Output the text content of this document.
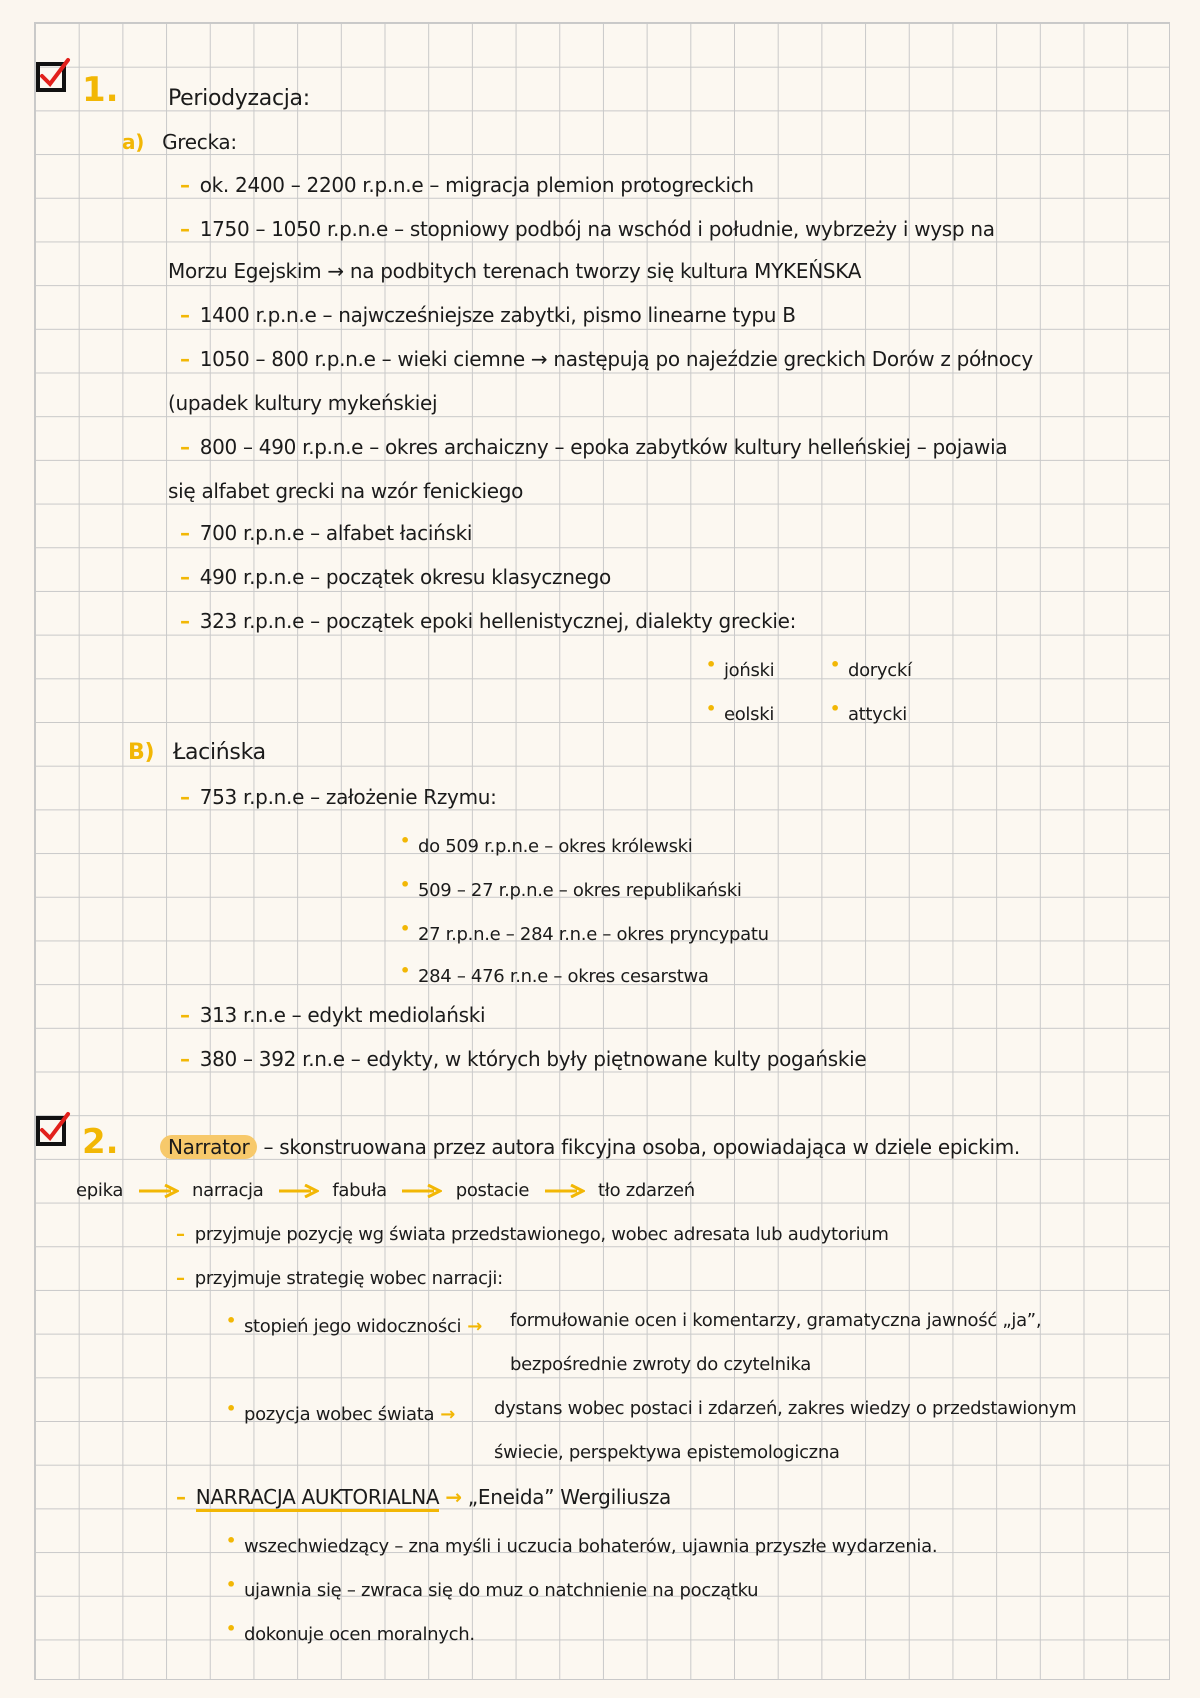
1. Periodyzacja:
a) Grecka:
– ok. 2400 – 2200 r.p.n.e – migracja plemion protogreckich
– 1750 – 1050 r.p.n.e – stopniowy podbój na wschód i południe, wybrzeży i wysp na
Morzu Egejskim → na podbitych terenach tworzy się kultura MYKEŃSKA
– 1400 r.p.n.e – najwcześniejsze zabytki, pismo linearne typu B
– 1050 – 800 r.p.n.e – wieki ciemne → następują po najeździe greckich Dorów z północy
(upadek kultury mykeńskiej
– 800 – 490 r.p.n.e – okres archaiczny – epoka zabytków kultury helleńskiej – pojawia
się alfabet grecki na wzór fenickiego
– 700 r.p.n.e – alfabet łaciński
– 490 r.p.n.e – początek okresu klasycznego
– 323 r.p.n.e – początek epoki hellenistycznej, dialekty greckie:
• joński	• doryckí
• eolski	• attycki
B) Łacińska
– 753 r.p.n.e – założenie Rzymu:
• do 509 r.p.n.e – okres królewski
• 509 – 27 r.p.n.e – okres republikański
• 27 r.p.n.e – 284 r.n.e – okres pryncypatu
• 284 – 476 r.n.e – okres cesarstwa
– 313 r.n.e – edykt mediolański
– 380 – 392 r.n.e – edykty, w których były piętnowane kulty pogańskie
2.	Narrator – skonstruowana przez autora fikcyjna osoba, opowiadająca w dziele epickim.
epika	narracja	fabuła	postacie	tło zdarzeń
– przyjmuje pozycję wg świata przedstawionego, wobec adresata lub audytorium
– przyjmuje strategię wobec narracji:
• stopień jego widoczności →	formułowanie ocen i komentarzy, gramatyczna jawność „ja”,
bezpośrednie zwroty do czytelnika
• pozycja wobec świata →	dystans wobec postaci i zdarzeń, zakres wiedzy o przedstawionym
świecie, perspektywa epistemologiczna
– NARRACJA AUKTORIALNA → „Eneida” Wergiliusza
• wszechwiedzący – zna myśli i uczucia bohaterów, ujawnia przyszłe wydarzenia.
• ujawnia się – zwraca się do muz o natchnienie na początku
• dokonuje ocen moralnych.
